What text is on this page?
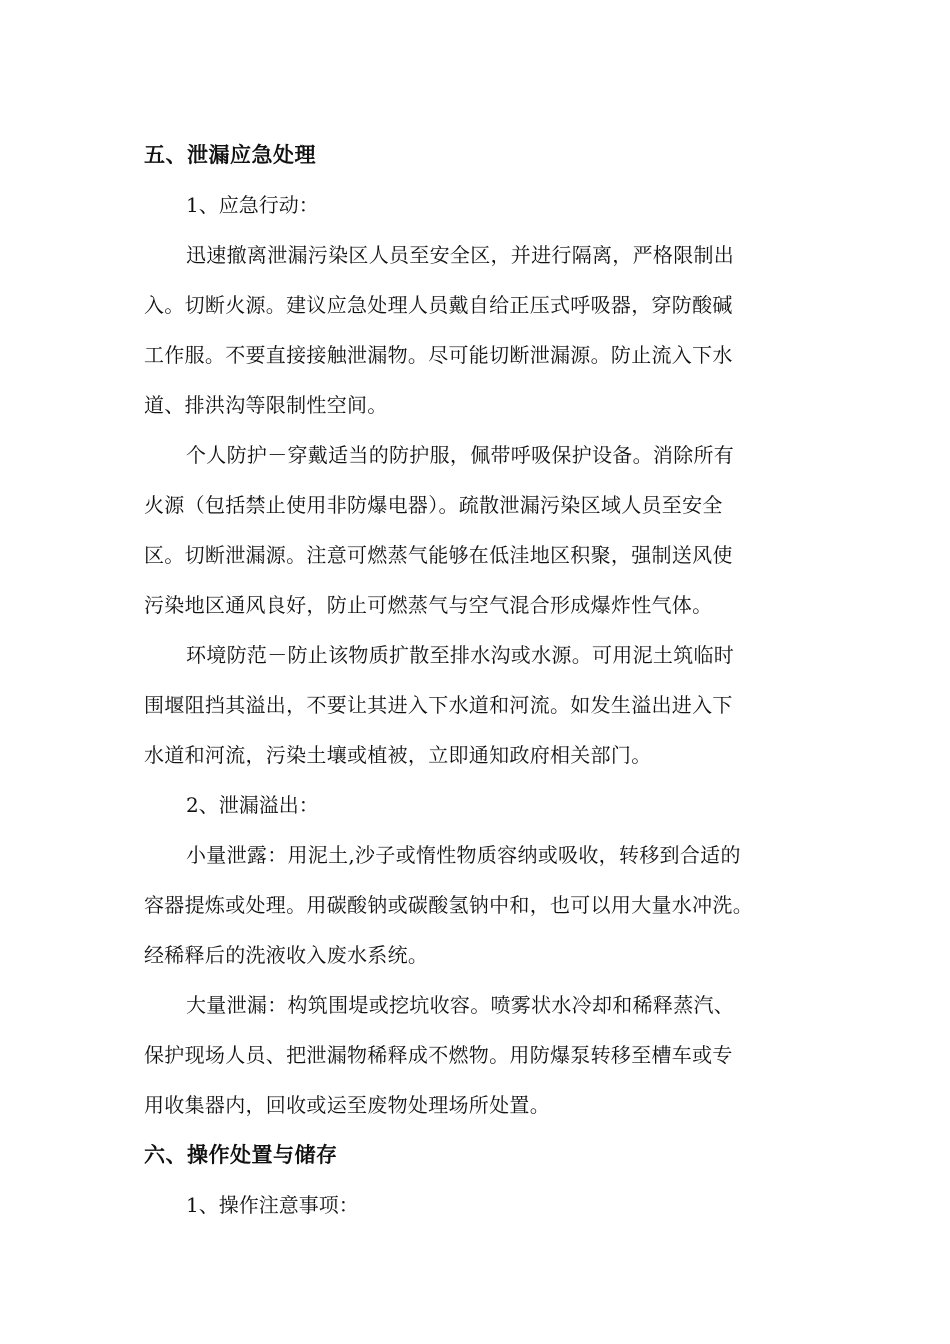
五、泄漏应急处理

1、应急行动：

迅速撤离泄漏污染区人员至安全区，并进行隔离，严格限制出
入。切断火源。建议应急处理人员戴自给正压式呼吸器，穿防酸碱
工作服。不要直接接触泄漏物。尽可能切断泄漏源。防止流入下水
道、排洪沟等限制性空间。

个人防护－穿戴适当的防护服，佩带呼吸保护设备。消除所有
火源（包括禁止使用非防爆电器）。疏散泄漏污染区域人员至安全
区。切断泄漏源。注意可燃蒸气能够在低洼地区积聚，强制送风使
污染地区通风良好，防止可燃蒸气与空气混合形成爆炸性气体。

环境防范－防止该物质扩散至排水沟或水源。可用泥土筑临时
围堰阻挡其溢出，不要让其进入下水道和河流。如发生溢出进入下
水道和河流，污染土壤或植被，立即通知政府相关部门。

2、泄漏溢出：

小量泄露：用泥土,沙子或惰性物质容纳或吸收，转移到合适的
容器提炼或处理。用碳酸钠或碳酸氢钠中和，也可以用大量水冲洗。
经稀释后的洗液收入废水系统。

大量泄漏：构筑围堤或挖坑收容。喷雾状水冷却和稀释蒸汽、
保护现场人员、把泄漏物稀释成不燃物。用防爆泵转移至槽车或专
用收集器内，回收或运至废物处理场所处置。

六、操作处置与储存

1、操作注意事项：
